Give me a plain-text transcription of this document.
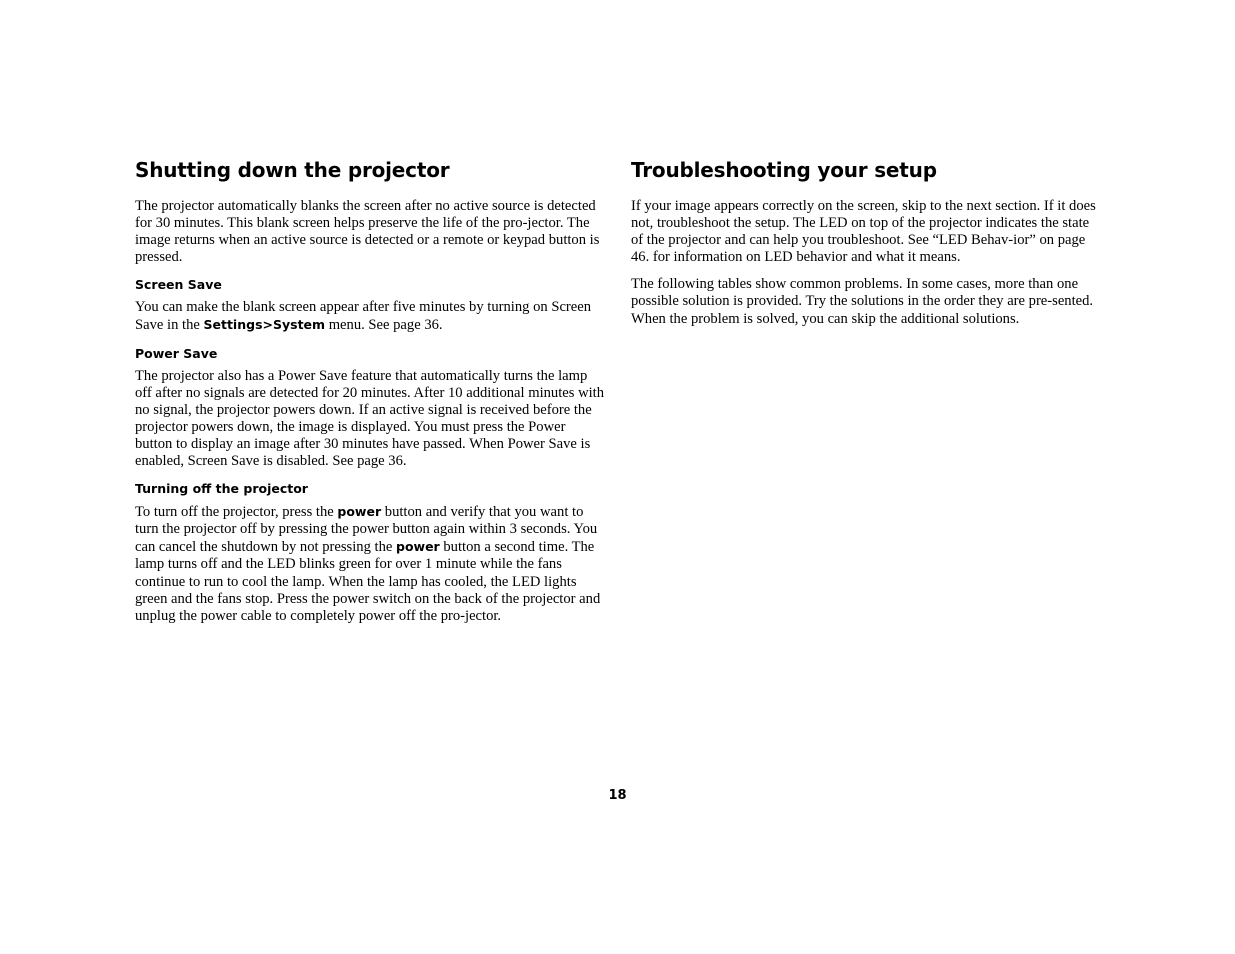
Shutting down the projector

The projector automatically blanks the screen after no active source is detected for 30 minutes. This blank screen helps preserve the life of the pro-jector. The image returns when an active source is detected or a remote or keypad button is pressed.

Screen Save

You can make the blank screen appear after five minutes by turning on Screen Save in the Settings>System menu. See page 36.

Power Save

The projector also has a Power Save feature that automatically turns the lamp off after no signals are detected for 20 minutes. After 10 additional minutes with no signal, the projector powers down. If an active signal is received before the projector powers down, the image is displayed. You must press the Power button to display an image after 30 minutes have passed. When Power Save is enabled, Screen Save is disabled. See page 36.

Turning off the projector

To turn off the projector, press the power button and verify that you want to turn the projector off by pressing the power button again within 3 seconds. You can cancel the shutdown by not pressing the power button a second time. The lamp turns off and the LED blinks green for over 1 minute while the fans continue to run to cool the lamp. When the lamp has cooled, the LED lights green and the fans stop. Press the power switch on the back of the projector and unplug the power cable to completely power off the pro-jector.

Troubleshooting your setup

If your image appears correctly on the screen, skip to the next section. If it does not, troubleshoot the setup. The LED on top of the projector indicates the state of the projector and can help you troubleshoot. See “LED Behav-ior” on page 46. for information on LED behavior and what it means.

The following tables show common problems. In some cases, more than one possible solution is provided. Try the solutions in the order they are pre-sented. When the problem is solved, you can skip the additional solutions.

18
